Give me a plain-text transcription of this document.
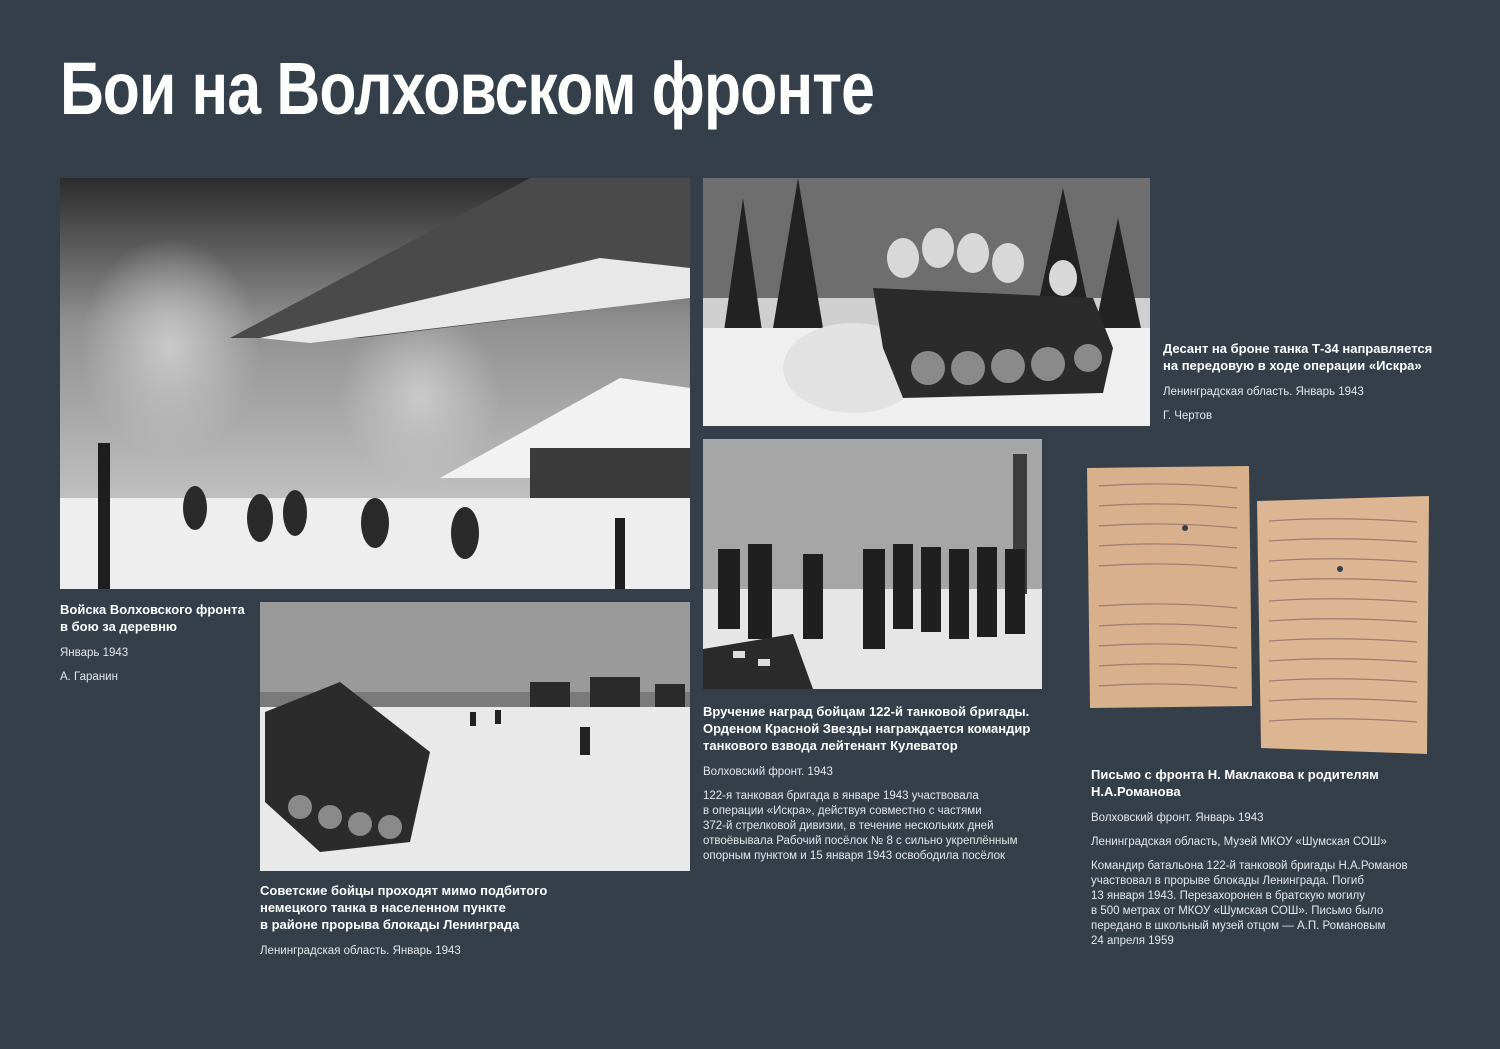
Бои на Волховском фронте
Войска Волховского фронта
в бою за деревню
Январь 1943
А. Гаранин
Десант на броне танка Т-34 направляется
на передовую в ходе операции «Искра»
Ленинградская область. Январь 1943
Г. Чертов
Вручение наград бойцам 122-й танковой бригады.
Орденом Красной Звезды награждается командир
танкового взвода лейтенант Кулеватор
Волховский фронт. 1943
122-я танковая бригада в январе 1943 участвовала
в операции «Искра», действуя совместно с частями
372-й стрелковой дивизии, в течение нескольких дней
отвоёвывала Рабочий посёлок № 8 с сильно укреплённым
опорным пунктом и 15 января 1943 освободила посёлок
Советские бойцы проходят мимо подбитого
немецкого танка в населенном пункте
в районе прорыва блокады Ленинграда
Ленинградская область. Январь 1943
Письмо с фронта Н. Маклакова к родителям
Н.А.Романова
Волховский фронт. Январь 1943
Ленинградская область, Музей МКОУ «Шумская СОШ»
Командир батальона 122-й танковой бригады Н.А.Романов
участвовал в прорыве блокады Ленинграда. Погиб
13 января 1943. Перезахоронен в братскую могилу
в 500 метрах от МКОУ «Шумская СОШ». Письмо было
передано в школьный музей отцом — А.П. Романовым
24 апреля 1959
